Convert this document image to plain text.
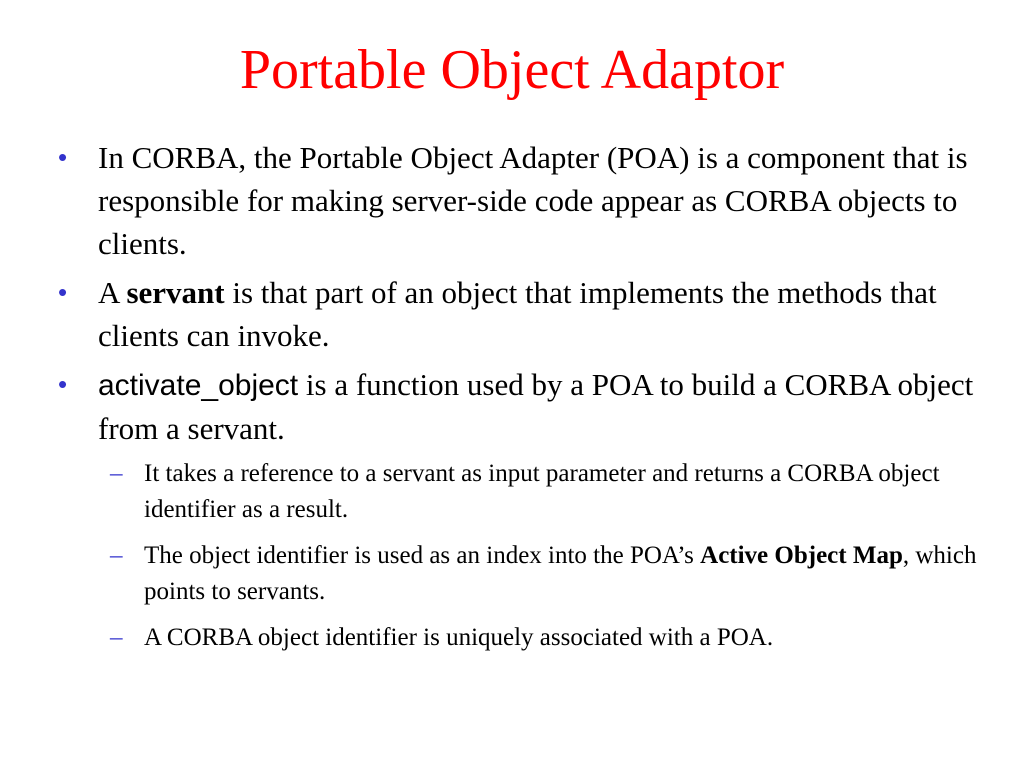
Portable Object Adaptor
• In CORBA, the Portable Object Adapter (POA) is a component that is responsible for making server-side code appear as CORBA objects to clients.
• A servant is that part of an object that implements the methods that clients can invoke.
• activate_object is a function used by a POA to build a CORBA object from a servant.
– It takes a reference to a servant as input parameter and returns a CORBA object identifier as a result.
– The object identifier is used as an index into the POA’s Active Object Map, which points to servants.
– A CORBA object identifier is uniquely associated with a POA.
